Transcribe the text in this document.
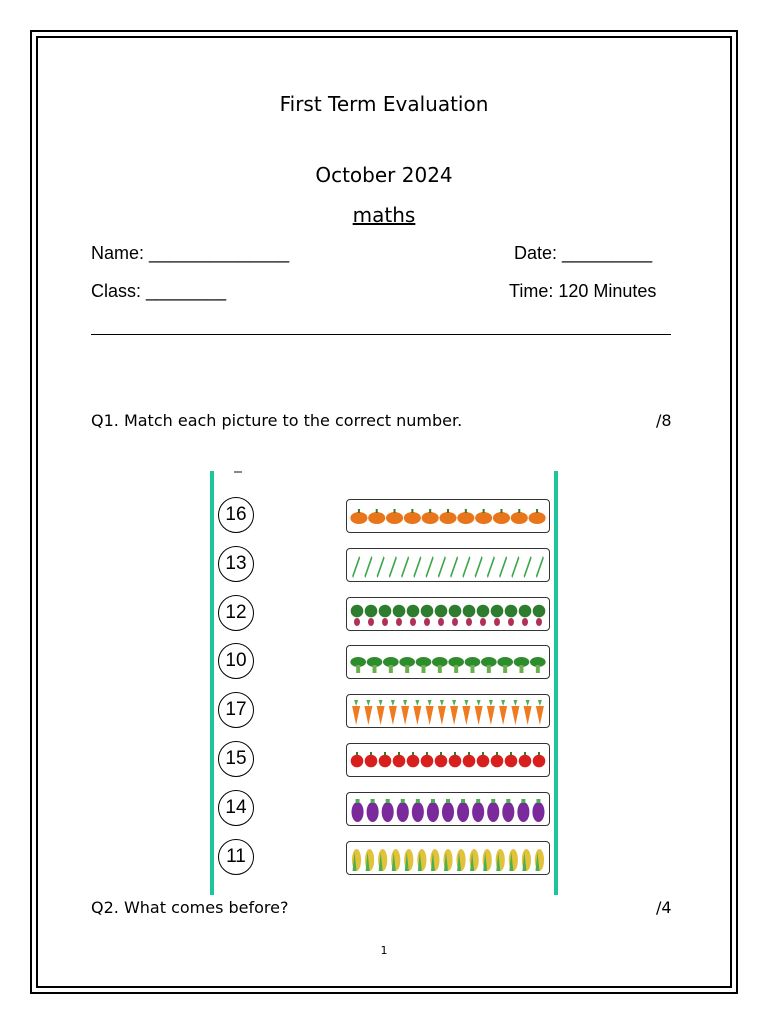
First Term Evaluation
October 2024
maths
Name: ______________	Date: _________
Class: ________	Time: 120 Minutes
Q1. Match each picture to the correct number.	/8
16
13
12
10
17
15
14
11
Q2. What comes before?	/4
1
